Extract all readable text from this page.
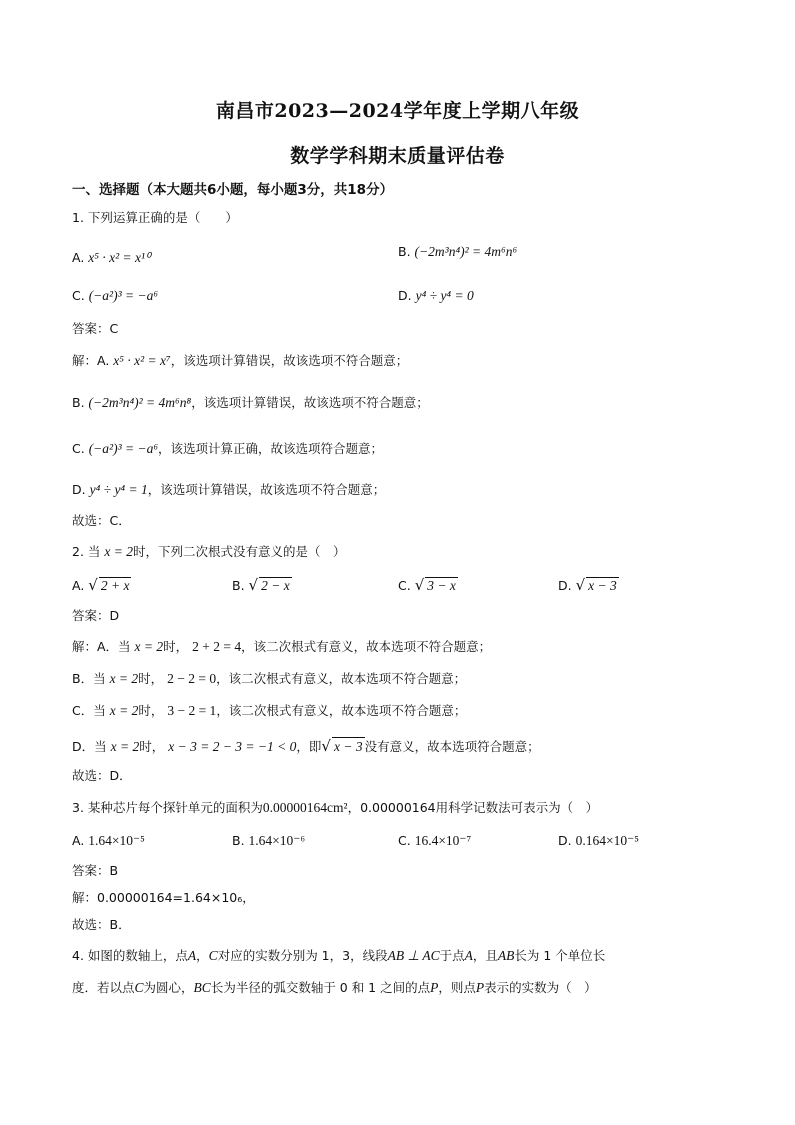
南昌市2023—2024学年度上学期八年级
数学学科期末质量评估卷
一、选择题（本大题共6小题，每小题3分，共18分）
1. 下列运算正确的是（　　）
A. x⁵ · x² = x¹⁰	B. (−2m³n⁴)² = 4m⁶n⁶
C. (−a²)³ = −a⁶	D. y⁴ ÷ y⁴ = 0
答案：C
解：A. x⁵ · x² = x⁷，该选项计算错误，故该选项不符合题意；
B. (−2m³n⁴)² = 4m⁶n⁸，该选项计算错误，故该选项不符合题意；
C. (−a²)³ = −a⁶，该选项计算正确，故该选项符合题意；
D. y⁴ ÷ y⁴ = 1，该选项计算错误，故该选项不符合题意；
故选：C．
2. 当 x = 2时，下列二次根式没有意义的是（　）
A. √ 2 + x	B. √ 2 − x	C. √ 3 − x	D. √ x − 3
答案：D
解：A．当 x = 2时， 2 + 2 = 4，该二次根式有意义，故本选项不符合题意；
B．当 x = 2时， 2 − 2 = 0，该二次根式有意义，故本选项不符合题意；
C．当 x = 2时， 3 − 2 = 1，该二次根式有意义，故本选项不符合题意；
D．当 x = 2时， x − 3 = 2 − 3 = −1 < 0，即√ x − 3 没有意义，故本选项符合题意；
故选：D．
3. 某种芯片每个探针单元的面积为0.00000164cm²，0.00000164用科学记数法可表示为（　）
A. 1.64×10⁻⁵	B. 1.64×10⁻⁶	C. 16.4×10⁻⁷	D. 0.164×10⁻⁵
答案：B
解：0.00000164=1.64×10₆，
故选：B．
4. 如图的数轴上，点A，C对应的实数分别为 1，3，线段AB ⊥ AC于点A，且AB长为 1 个单位长
度．若以点C为圆心，BC长为半径的弧交数轴于 0 和 1 之间的点P，则点P表示的实数为（　）
